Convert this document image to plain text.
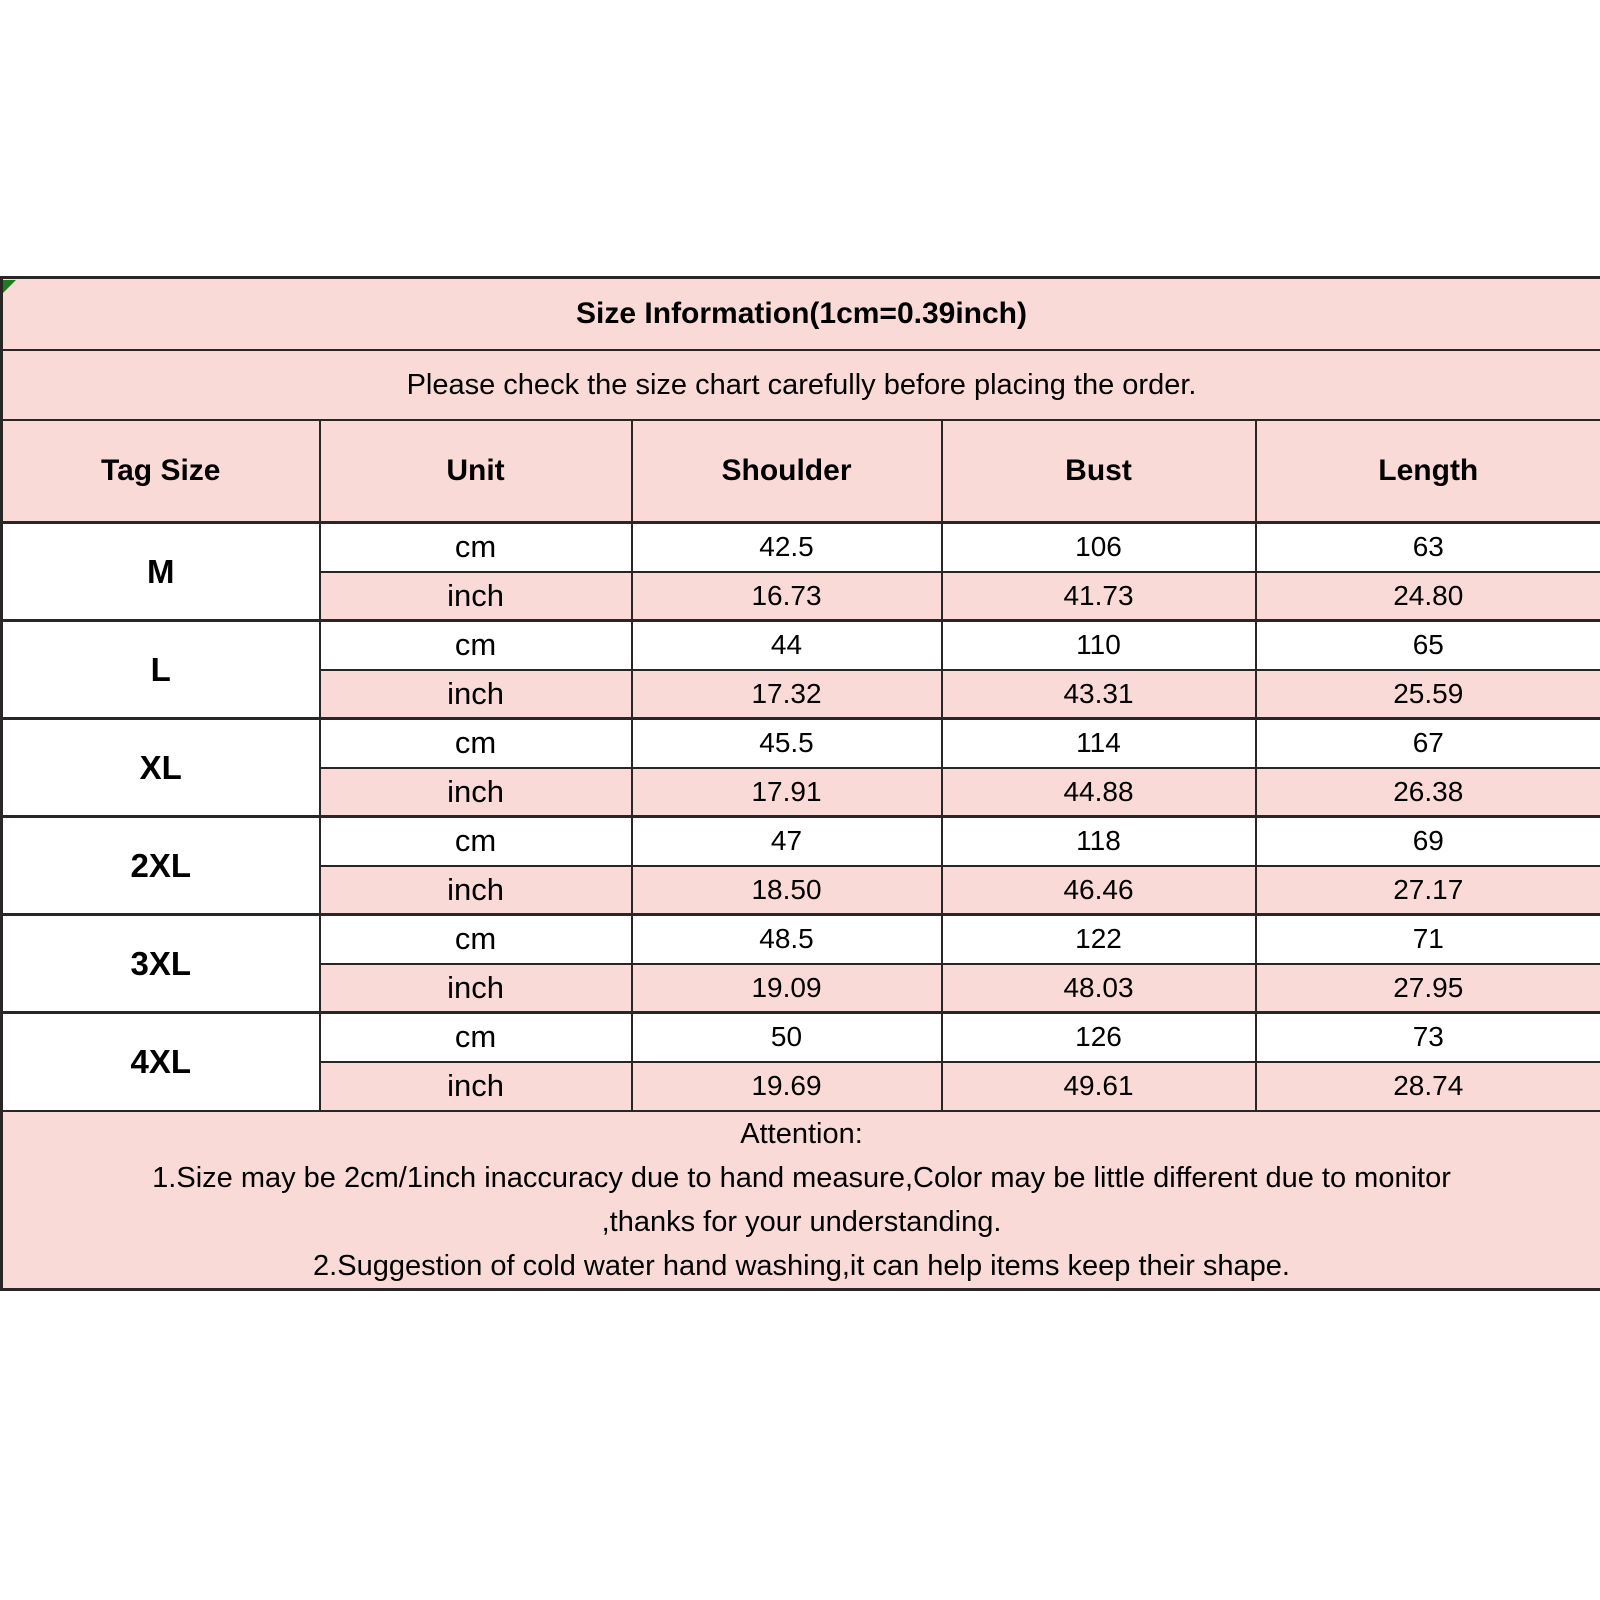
Size Information(1cm=0.39inch)				
Please check the size chart carefully before placing the order.				
Tag Size	Unit	Shoulder	Bust	Length
M	cm	42.5	106	63
	inch	16.73	41.73	24.80
L	cm	44	110	65
	inch	17.32	43.31	25.59
XL	cm	45.5	114	67
	inch	17.91	44.88	26.38
2XL	cm	47	118	69
	inch	18.50	46.46	27.17
3XL	cm	48.5	122	71
	inch	19.09	48.03	27.95
4XL	cm	50	126	73
	inch	19.69	49.61	28.74

Attention:
1.Size may be 2cm/1inch inaccuracy due to hand measure,Color may be little different due to monitor
,thanks for your understanding.
2.Suggestion of cold water hand washing,it can help items keep their shape.				
